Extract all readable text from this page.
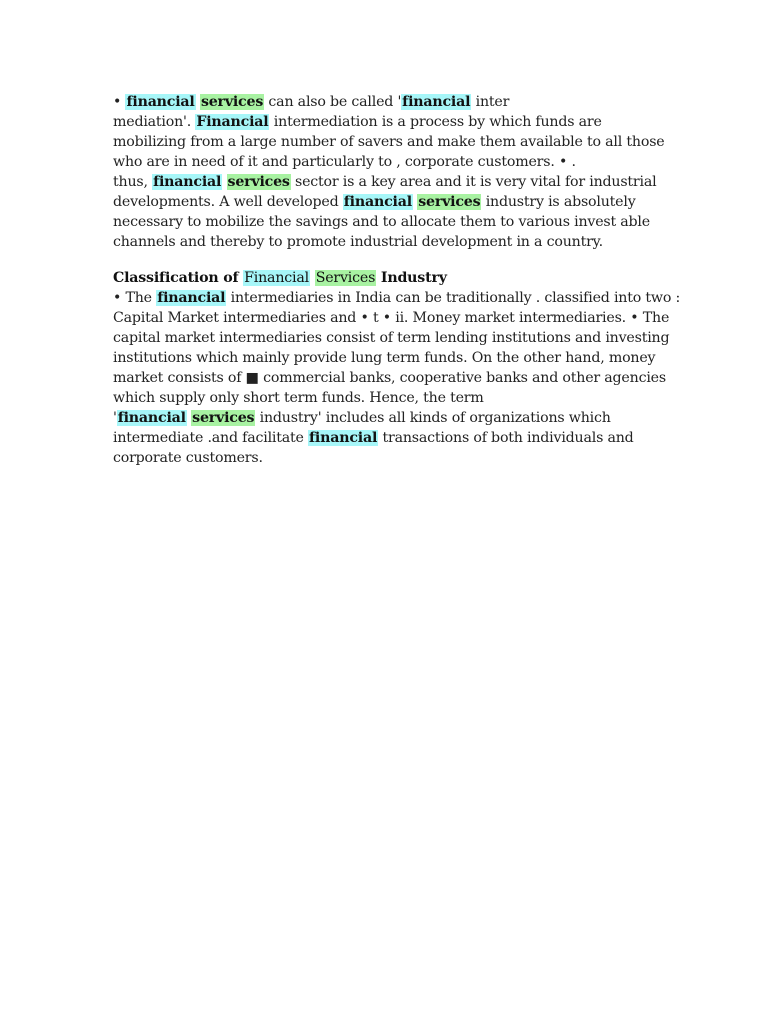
• financial services can also be called 'financial inter
mediation'. Financial intermediation is a process by which funds are
mobilizing from a large number of savers and make them available to all those
who are in need of it and particularly to , corporate customers. • .
thus, financial services sector is a key area and it is very vital for industrial
developments. A well developed financial services industry is absolutely
necessary to mobilize the savings and to allocate them to various invest able
channels and thereby to promote industrial development in a country.
Classification of Financial Services Industry
• The financial intermediaries in India can be traditionally . classified into two :
Capital Market intermediaries and • t • ii. Money market intermediaries. • The
capital market intermediaries consist of term lending institutions and investing
institutions which mainly provide lung term funds. On the other hand, money
market consists of ■ commercial banks, cooperative banks and other agencies
which supply only short term funds. Hence, the term
'financial services industry' includes all kinds of organizations which
intermediate .and facilitate financial transactions of both individuals and
corporate customers.
